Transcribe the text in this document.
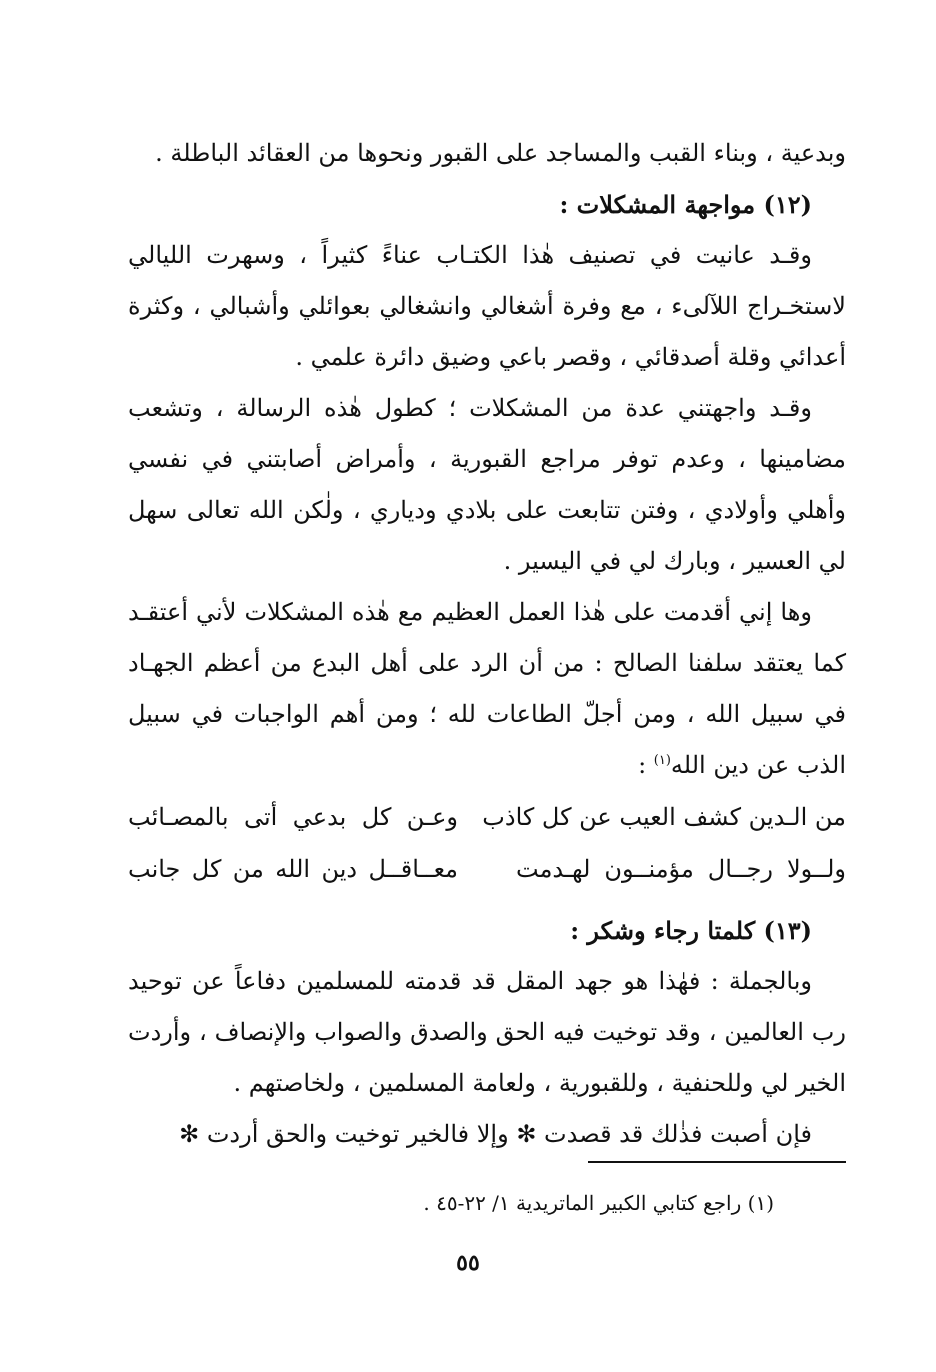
وبدعية ، وبناء القبب والمساجد على القبور ونحوها من العقائد الباطلة .

(١٢) مواجهة المشكلات :

وقـد عانيت في تصنيف هٰذا الكتـاب عناءً كثيراً ، وسهرت الليالي لاستخـراج اللآلىء ، مع وفرة أشغالي وانشغالي بعوائلي وأشبالي ، وكثرة أعدائي وقلة أصدقائي ، وقصر باعي وضيق دائرة علمي .

وقـد واجهتني عدة من المشكلات ؛ كطول هٰذه الرسالة ، وتشعب مضامينها ، وعدم توفر مراجع القبورية ، وأمراض أصابتني في نفسي وأهلي وأولادي ، وفتن تتابعت على بلادي ودياري ، ولٰكن الله تعالى سهل لي العسير ، وبارك لي في اليسير .

وها إني أقدمت على هٰذا العمل العظيم مع هٰذه المشكلات لأني أعتقـد كما يعتقد سلفنا الصالح : من أن الرد على أهل البدع من أعظم الجهـاد في سبيل الله ، ومن أجلّ الطاعات لله ؛ ومن أهم الواجبات في سبيل الذب عن دين الله$^{(١)}$ :

من الـدين كشف العيب عن كل كاذب
وعـن كل بدعي أتى بالمصـائب
ولــولا رجــال مؤمنــون لهـدمت
معــاقــل دين الله من كل جانب

(١٣) كلمتا رجاء وشكر :

وبالجملة : فهٰذا هو جهد المقل قد قدمته للمسلمين دفاعاً عن توحيد رب العالمين ، وقد توخيت فيه الحق والصدق والصواب والإنصاف ، وأردت الخير لي وللحنفية ، وللقبورية ، ولعامة المسلمين ، ولخاصتهم .

فإن أصبت فذٰلك قد قصدت ✻ وإلا فالخير توخيت والحق أردت ✻

(١) راجع كتابي الكبير الماتريدية ١/ ٢٢-٤٥ .
٥٥
